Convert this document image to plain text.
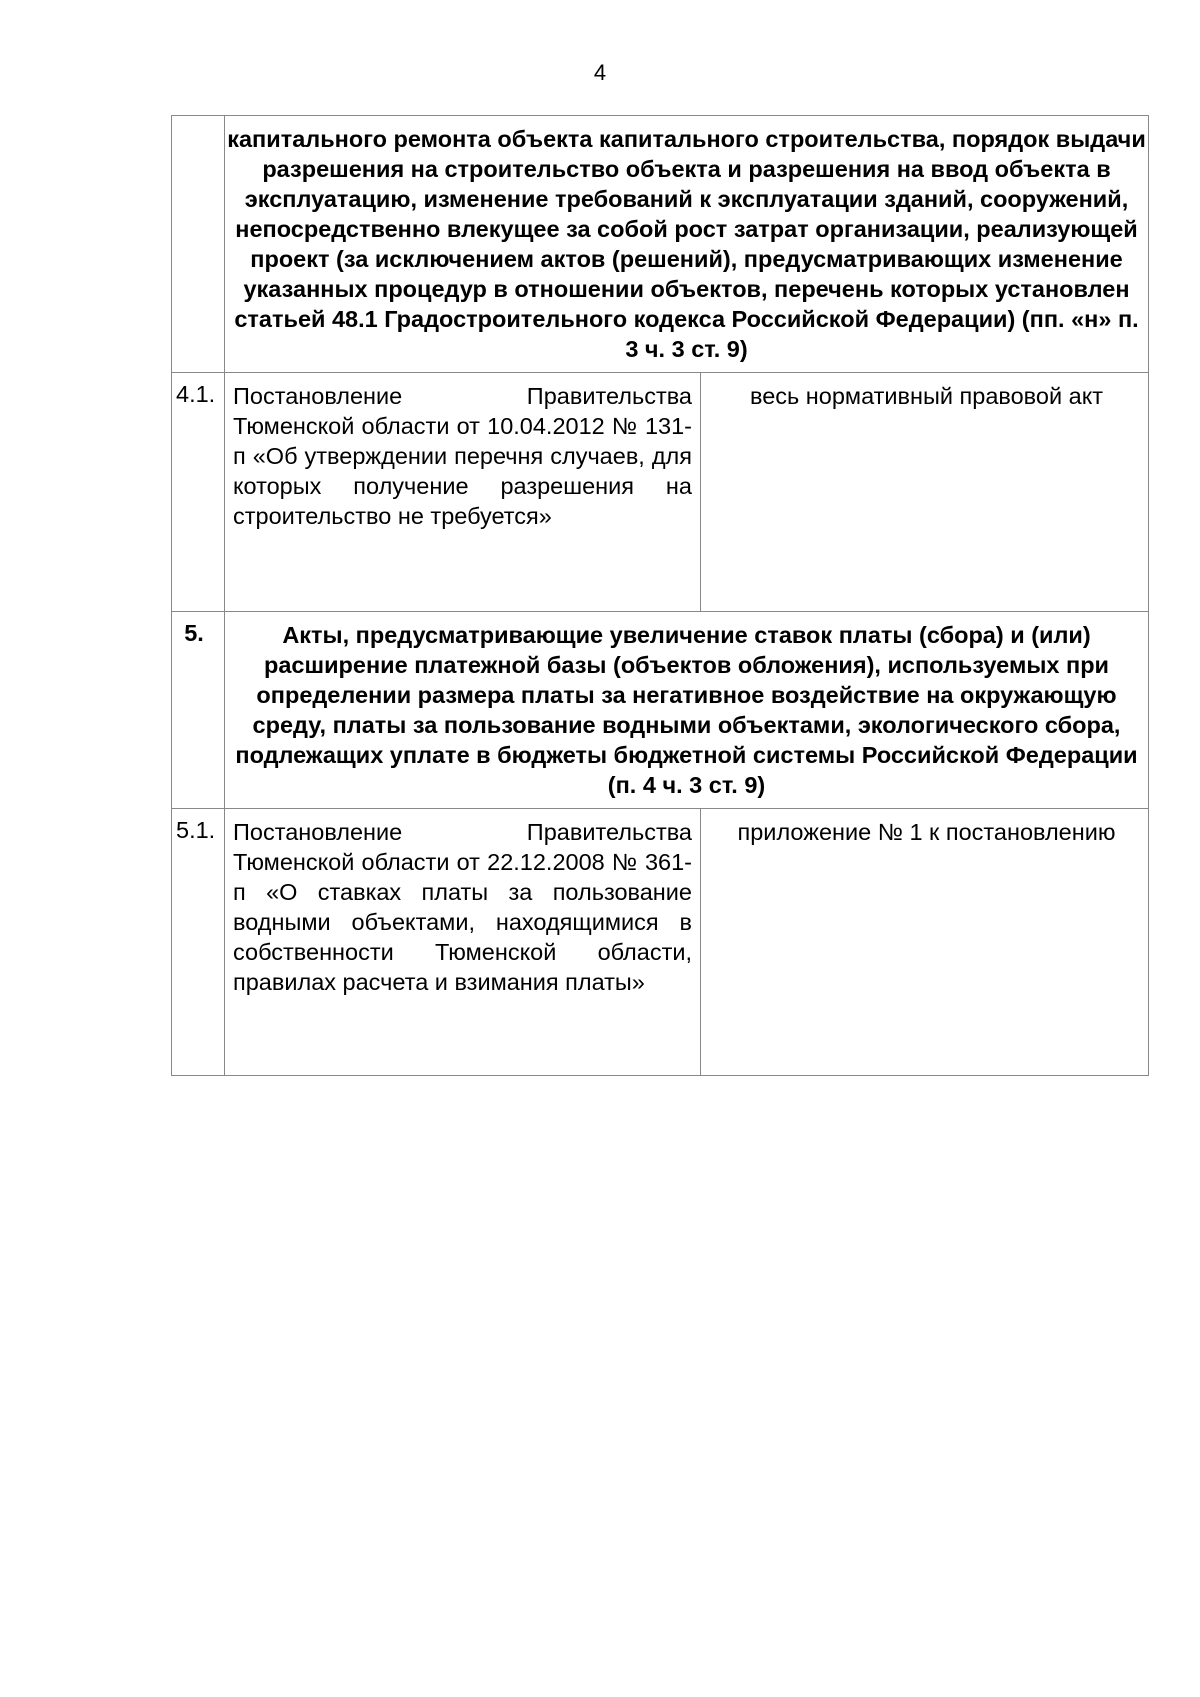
4
	капитального ремонта объекта капитального строительства, порядок выдачи разрешения на строительство объекта и разрешения на ввод объекта в эксплуатацию, изменение требований к эксплуатации зданий, сооружений, непосредственно влекущее за собой рост затрат организации, реализующей проект (за исключением актов (решений), предусматривающих изменение указанных процедур в отношении объектов, перечень которых установлен статьей 48.1 Градостроительного кодекса Российской Федерации) (пп. «н» п. 3 ч. 3 ст. 9)	
4.1.	Постановление Правительства Тюменской области от 10.04.2012 № 131-п «Об утверждении перечня случаев, для которых получение разрешения на строительство не требуется»	весь нормативный правовой акт
5.	Акты, предусматривающие увеличение ставок платы (сбора) и (или) расширение платежной базы (объектов обложения), используемых при определении размера платы за негативное воздействие на окружающую среду, платы за пользование водными объектами, экологического сбора, подлежащих уплате в бюджеты бюджетной системы Российской Федерации (п. 4 ч. 3 ст. 9)	
5.1.	Постановление Правительства Тюменской области от 22.12.2008 № 361-п «О ставках платы за пользование водными объектами, находящимися в собственности Тюменской области, правилах расчета и взимания платы»	приложение № 1 к постановлению
